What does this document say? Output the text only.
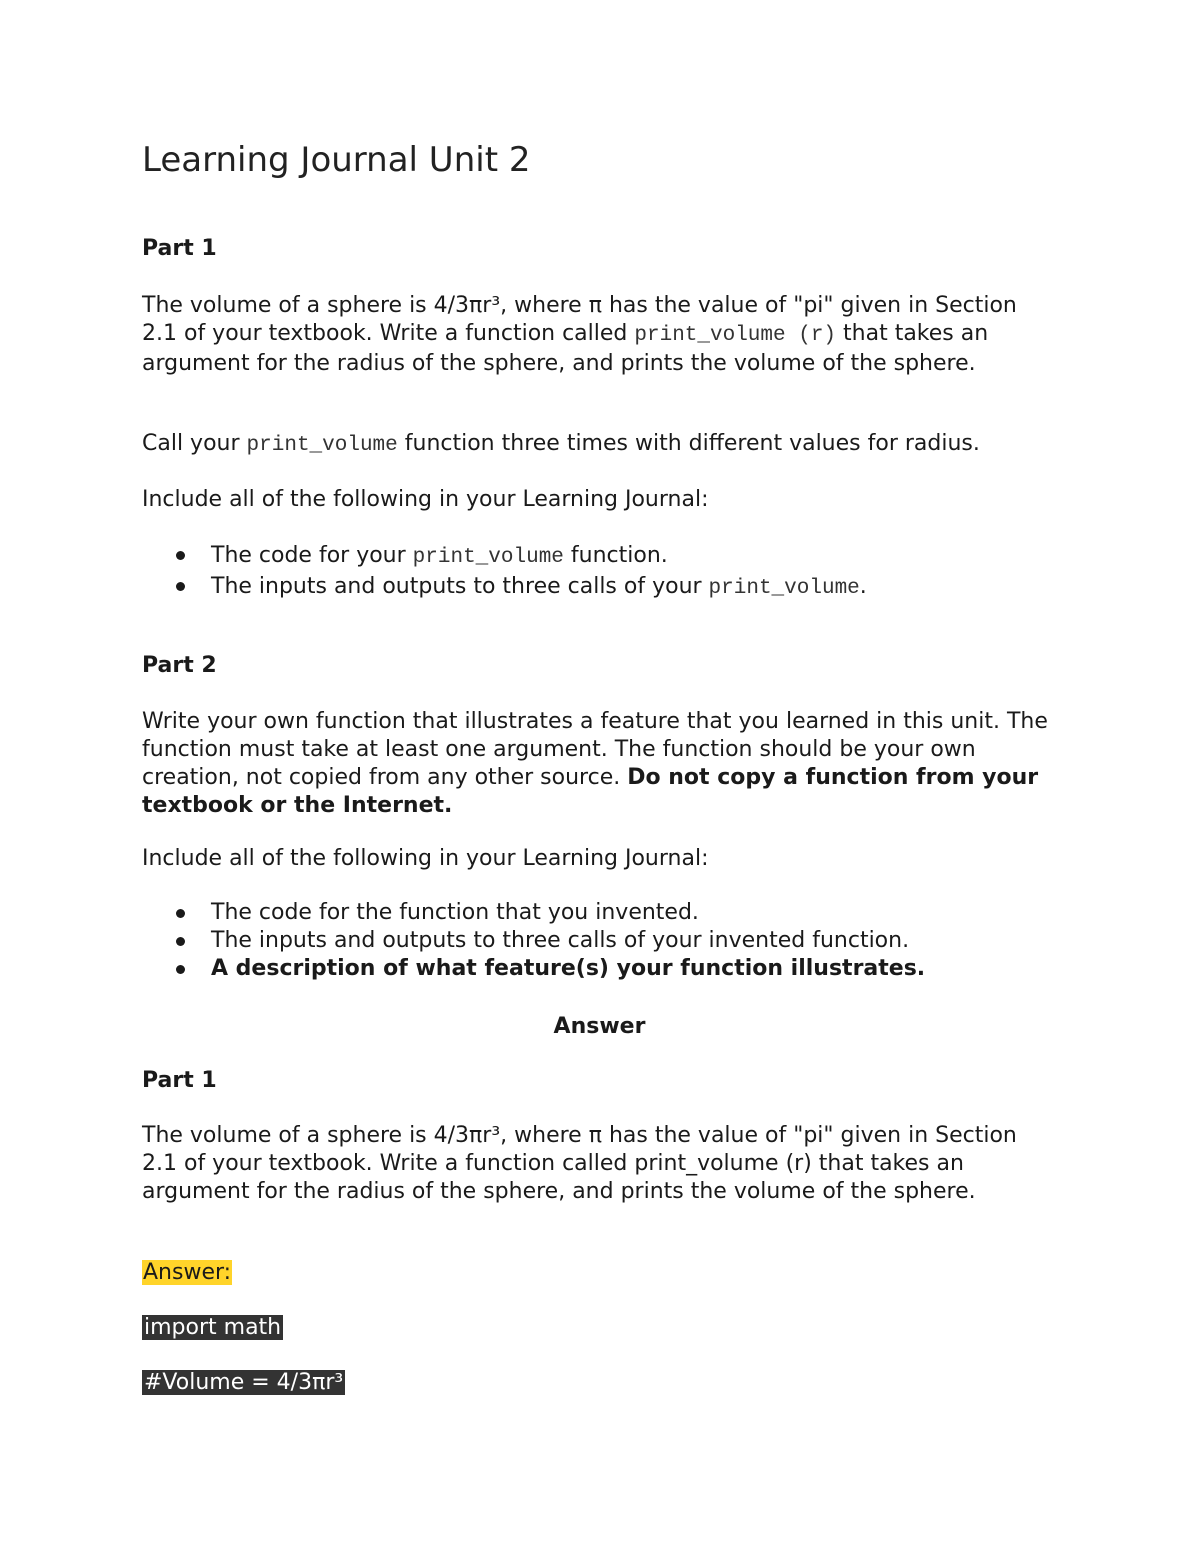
Learning Journal Unit 2
Part 1

The volume of a sphere is 4/3πr³, where π has the value of "pi" given in Section 2.1 of your textbook. Write a function called print_volume (r) that takes an argument for the radius of the sphere, and prints the volume of the sphere.

Call your print_volume function three times with different values for radius.

Include all of the following in your Learning Journal:

The code for your print_volume function.
The inputs and outputs to three calls of your print_volume.
Part 2

Write your own function that illustrates a feature that you learned in this unit. The function must take at least one argument. The function should be your own creation, not copied from any other source. Do not copy a function from your textbook or the Internet.

Include all of the following in your Learning Journal:

The code for the function that you invented.
The inputs and outputs to three calls of your invented function.
A description of what feature(s) your function illustrates.
Answer
Part 1

The volume of a sphere is 4/3πr³, where π has the value of "pi" given in Section 2.1 of your textbook. Write a function called print_volume (r) that takes an argument for the radius of the sphere, and prints the volume of the sphere.

Answer:

import math

#Volume = 4/3πr³
